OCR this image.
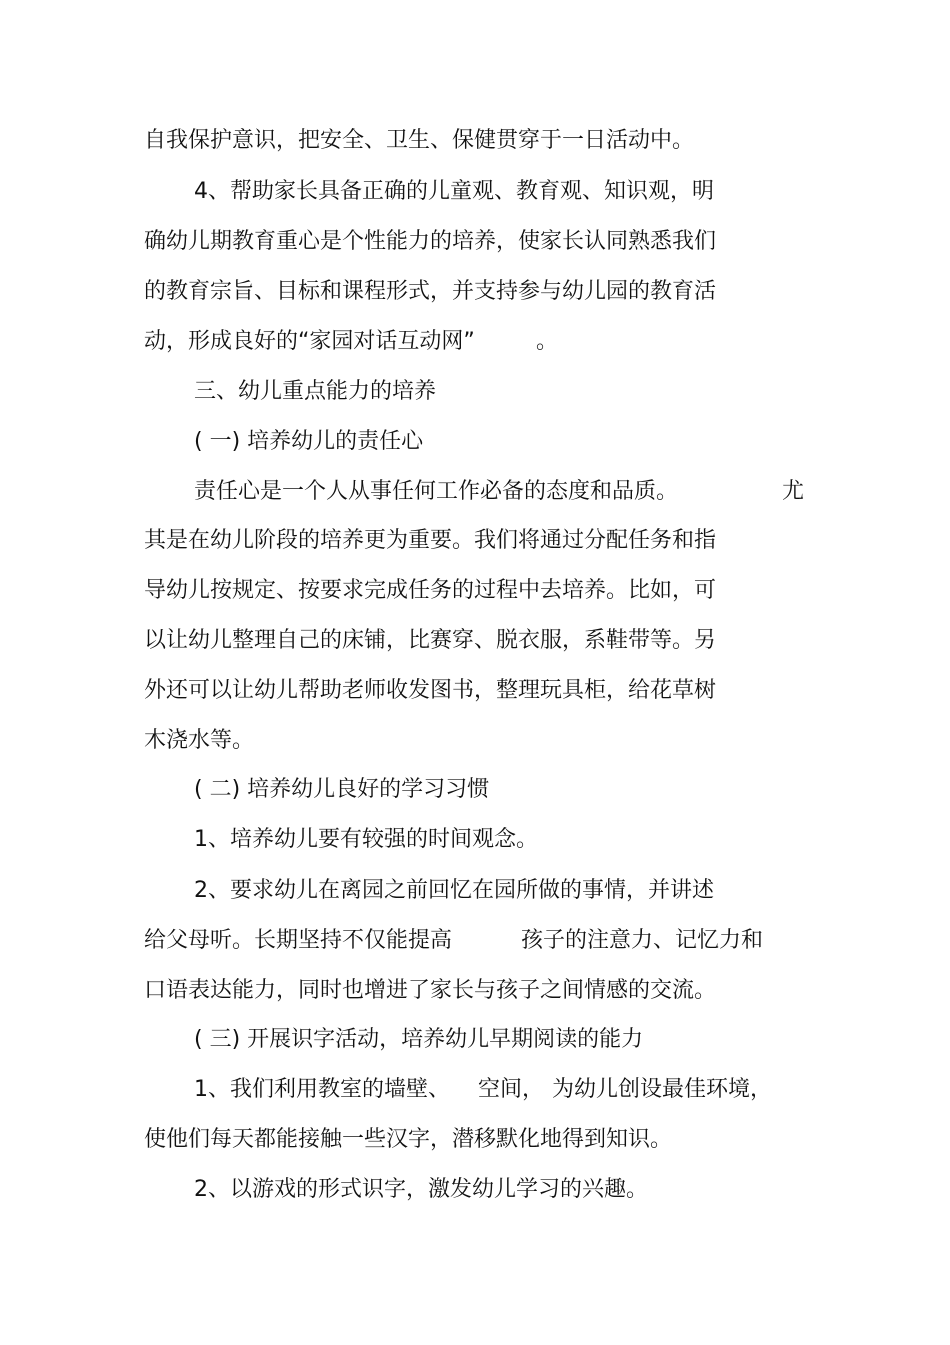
自我保护意识，把安全、卫生、保健贯穿于一日活动中。

4、帮助家长具备正确的儿童观、教育观、知识观，明

确幼儿期教育重心是个性能力的培养，使家长认同熟悉我们

的教育宗旨、目标和课程形式，并支持参与幼儿园的教育活

动，形成良好的“家园对话互动网”

	。

三、幼儿重点能力的培养

( 一) 培养幼儿的责任心

责任心是一个人从事任何工作必备的态度和品质。

	尤

其是在幼儿阶段的培养更为重要。我们将通过分配任务和指

导幼儿按规定、按要求完成任务的过程中去培养。比如，可

以让幼儿整理自己的床铺，比赛穿、脱衣服，系鞋带等。另

外还可以让幼儿帮助老师收发图书，整理玩具柜，给花草树

木浇水等。

( 二) 培养幼儿良好的学习习惯

1、培养幼儿要有较强的时间观念。

2、要求幼儿在离园之前回忆在园所做的事情，并讲述

给父母听。长期坚持不仅能提高

	孩子的注意力、记忆力和

口语表达能力，同时也增进了家长与孩子之间情感的交流。

( 三) 开展识字活动，培养幼儿早期阅读的能力

1、我们利用教室的墙壁、

空间，

为幼儿创设最佳环境，

使他们每天都能接触一些汉字，潜移默化地得到知识。

2、以游戏的形式识字，激发幼儿学习的兴趣。
